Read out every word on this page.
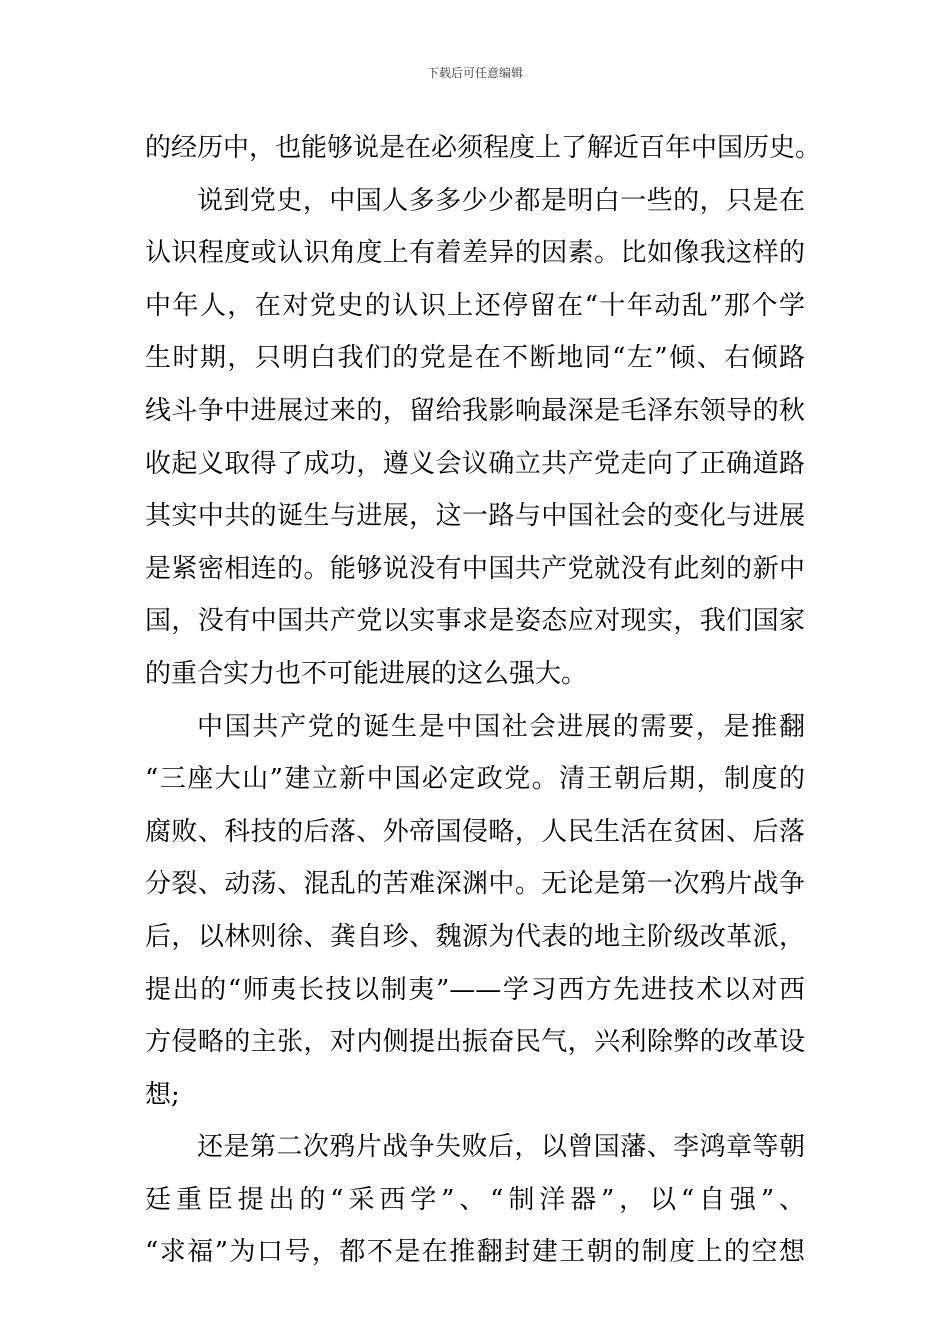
下载后可任意编辑
的经历中，也能够说是在必须程度上了解近百年中国历史。
说到党史，中国人多多少少都是明白一些的，只是在
认识程度或认识角度上有着差异的因素。比如像我这样的
中年人，在对党史的认识上还停留在“十年动乱”那个学
生时期，只明白我们的党是在不断地同“左”倾、右倾路
线斗争中进展过来的，留给我影响最深是毛泽东领导的秋
收起义取得了成功，遵义会议确立共产党走向了正确道路
其实中共的诞生与进展，这一路与中国社会的变化与进展
是紧密相连的。能够说没有中国共产党就没有此刻的新中
国，没有中国共产党以实事求是姿态应对现实，我们国家
的重合实力也不可能进展的这么强大。
中国共产党的诞生是中国社会进展的需要，是推翻
“三座大山”建立新中国必定政党。清王朝后期，制度的
腐败、科技的后落、外帝国侵略，人民生活在贫困、后落
分裂、动荡、混乱的苦难深渊中。无论是第一次鸦片战争
后，以林则徐、龚自珍、魏源为代表的地主阶级改革派，
提出的“师夷长技以制夷”——学习西方先进技术以对西
方侵略的主张，对内侧提出振奋民气，兴利除弊的改革设
想;
还是第二次鸦片战争失败后，以曾国藩、李鸿章等朝
廷重臣提出的“采西学”、“制洋器”，以“自强”、
“求福”为口号，都不是在推翻封建王朝的制度上的空想
